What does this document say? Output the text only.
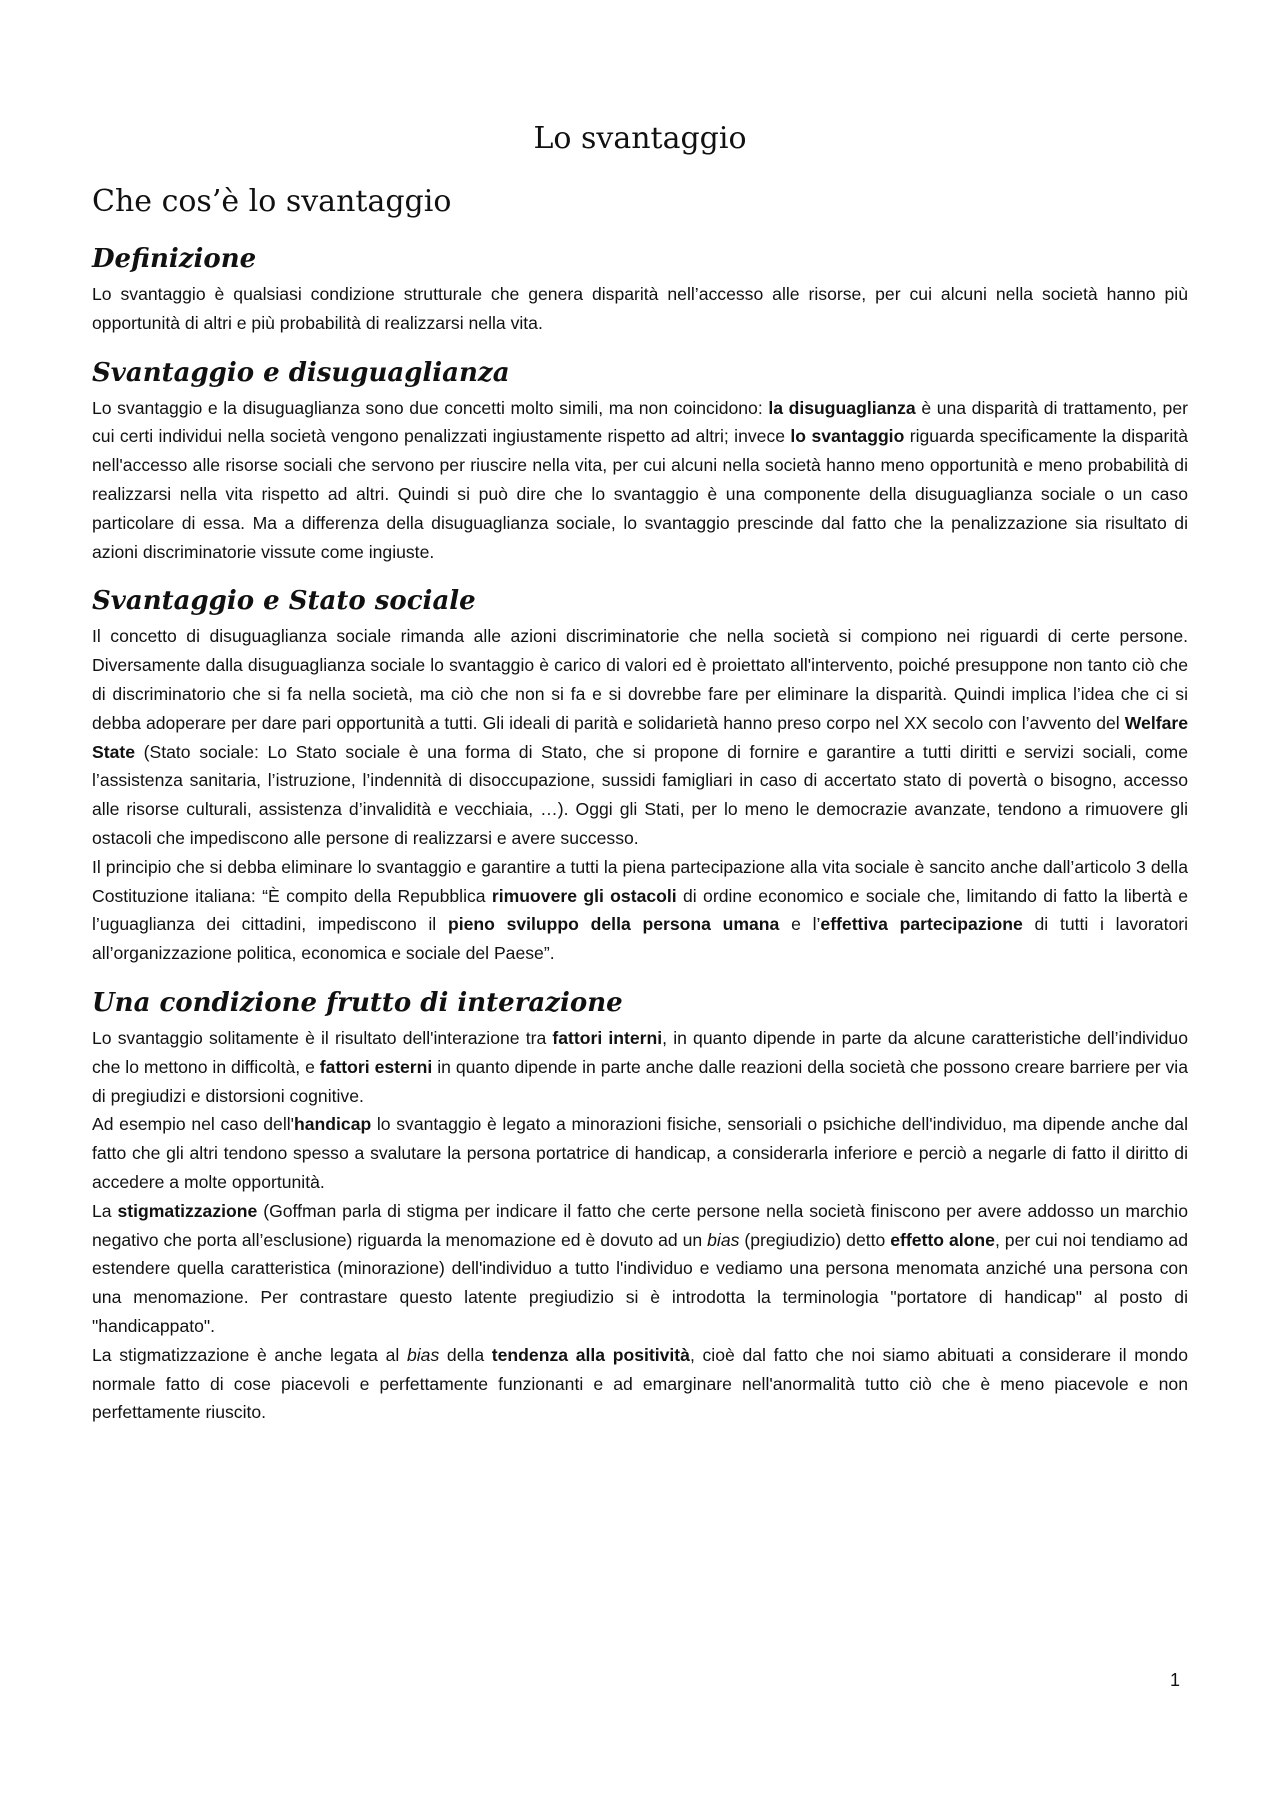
Lo svantaggio
Che cos’è lo svantaggio
Definizione

Lo svantaggio è qualsiasi condizione strutturale che genera disparità nell’accesso alle risorse, per cui alcuni nella società hanno più opportunità di altri e più probabilità di realizzarsi nella vita.

Svantaggio e disuguaglianza

Lo svantaggio e la disuguaglianza sono due concetti molto simili, ma non coincidono: la disuguaglianza è una disparità di trattamento, per cui certi individui nella società vengono penalizzati ingiustamente rispetto ad altri; invece lo svantaggio riguarda specificamente la disparità nell'accesso alle risorse sociali che servono per riuscire nella vita, per cui alcuni nella società hanno meno opportunità e meno probabilità di realizzarsi nella vita rispetto ad altri. Quindi si può dire che lo svantaggio è una componente della disuguaglianza sociale o un caso particolare di essa. Ma a differenza della disuguaglianza sociale, lo svantaggio prescinde dal fatto che la penalizzazione sia risultato di azioni discriminatorie vissute come ingiuste.

Svantaggio e Stato sociale

Il concetto di disuguaglianza sociale rimanda alle azioni discriminatorie che nella società si compiono nei riguardi di certe persone. Diversamente dalla disuguaglianza sociale lo svantaggio è carico di valori ed è proiettato all'intervento, poiché presuppone non tanto ciò che di discriminatorio che si fa nella società, ma ciò che non si fa e si dovrebbe fare per eliminare la disparità. Quindi implica l’idea che ci si debba adoperare per dare pari opportunità a tutti. Gli ideali di parità e solidarietà hanno preso corpo nel XX secolo con l’avvento del Welfare State (Stato sociale: Lo Stato sociale è una forma di Stato, che si propone di fornire e garantire a tutti diritti e servizi sociali, come l’assistenza sanitaria, l’istruzione, l’indennità di disoccupazione, sussidi famigliari in caso di accertato stato di povertà o bisogno, accesso alle risorse culturali, assistenza d’invalidità e vecchiaia, …). Oggi gli Stati, per lo meno le democrazie avanzate, tendono a rimuovere gli ostacoli che impediscono alle persone di realizzarsi e avere successo.

Il principio che si debba eliminare lo svantaggio e garantire a tutti la piena partecipazione alla vita sociale è sancito anche dall’articolo 3 della Costituzione italiana: “È compito della Repubblica rimuovere gli ostacoli di ordine economico e sociale che, limitando di fatto la libertà e l’uguaglianza dei cittadini, impediscono il pieno sviluppo della persona umana e l’effettiva partecipazione di tutti i lavoratori all’organizzazione politica, economica e sociale del Paese”.

Una condizione frutto di interazione

Lo svantaggio solitamente è il risultato dell'interazione tra fattori interni, in quanto dipende in parte da alcune caratteristiche dell’individuo che lo mettono in difficoltà, e fattori esterni in quanto dipende in parte anche dalle reazioni della società che possono creare barriere per via di pregiudizi e distorsioni cognitive.

Ad esempio nel caso dell'handicap lo svantaggio è legato a minorazioni fisiche, sensoriali o psichiche dell'individuo, ma dipende anche dal fatto che gli altri tendono spesso a svalutare la persona portatrice di handicap, a considerarla inferiore e perciò a negarle di fatto il diritto di accedere a molte opportunità.

La stigmatizzazione (Goffman parla di stigma per indicare il fatto che certe persone nella società finiscono per avere addosso un marchio negativo che porta all’esclusione) riguarda la menomazione ed è dovuto ad un bias (pregiudizio) detto effetto alone, per cui noi tendiamo ad estendere quella caratteristica (minorazione) dell'individuo a tutto l'individuo e vediamo una persona menomata anziché una persona con una menomazione. Per contrastare questo latente pregiudizio si è introdotta la terminologia "portatore di handicap" al posto di "handicappato".

La stigmatizzazione è anche legata al bias della tendenza alla positività, cioè dal fatto che noi siamo abituati a considerare il mondo normale fatto di cose piacevoli e perfettamente funzionanti e ad emarginare nell'anormalità tutto ciò che è meno piacevole e non perfettamente riuscito.

1
